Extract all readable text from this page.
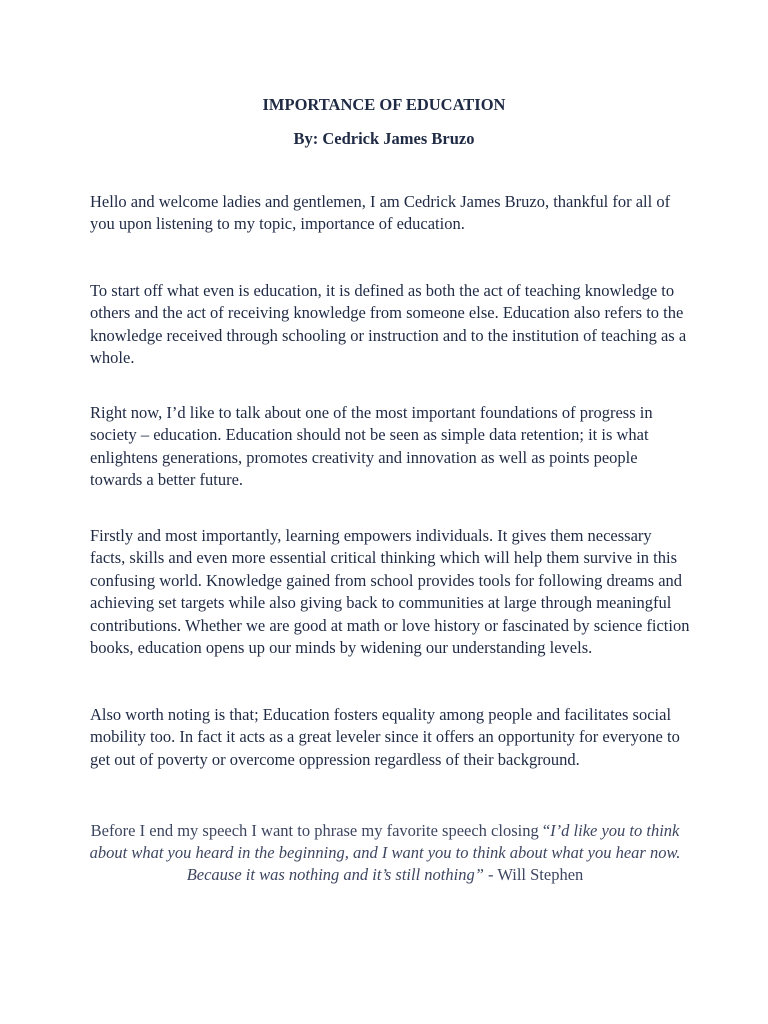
IMPORTANCE OF EDUCATION
By: Cedrick James Bruzo

Hello and welcome ladies and gentlemen, I am Cedrick James Bruzo, thankful for all of you upon listening to my topic, importance of education.

To start off what even is education, it is defined as both the act of teaching knowledge to others and the act of receiving knowledge from someone else. Education also refers to the knowledge received through schooling or instruction and to the institution of teaching as a whole.

Right now, I’d like to talk about one of the most important foundations of progress in society – education. Education should not be seen as simple data retention; it is what enlightens generations, promotes creativity and innovation as well as points people towards a better future.

Firstly and most importantly, learning empowers individuals. It gives them necessary facts, skills and even more essential critical thinking which will help them survive in this confusing world. Knowledge gained from school provides tools for following dreams and achieving set targets while also giving back to communities at large through meaningful contributions. Whether we are good at math or love history or fascinated by science fiction books, education opens up our minds by widening our understanding levels.

Also worth noting is that; Education fosters equality among people and facilitates social mobility too. In fact it acts as a great leveler since it offers an opportunity for everyone to get out of poverty or overcome oppression regardless of their background.

Before I end my speech I want to phrase my favorite speech closing “I’d like you to think about what you heard in the beginning, and I want you to think about what you hear now. Because it was nothing and it’s still nothing” - Will Stephen
